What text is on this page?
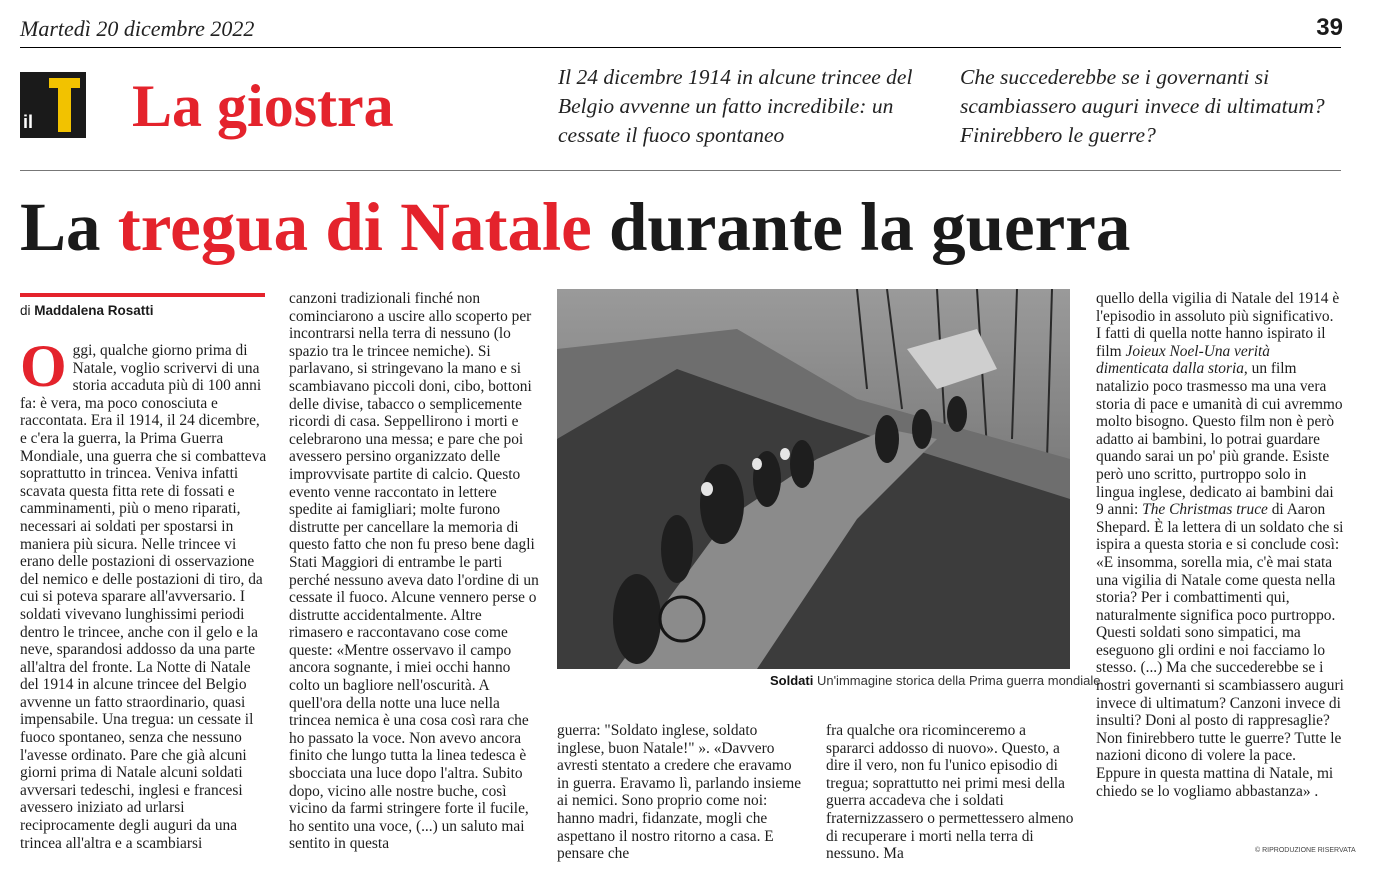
Martedì 20 dicembre 2022	39
il La giostra	Il 24 dicembre 1914 in alcune trincee del Belgio avvenne un fatto incredibile: un cessate il fuoco spontaneo
Che succederebbe se i governanti si scambiassero auguri invece di ultimatum? Finirebbero le guerre?
La tregua di Natale durante la guerra
di Maddalena Rosatti
O ggi, qualche giorno prima di Natale, voglio scrivervi di una storia accaduta più di 100 anni fa: è vera, ma poco conosciuta e raccontata. Era il 1914, il 24 dicembre, e c'era la guerra, la Prima Guerra Mondiale, una guerra che si combatteva soprattutto in trincea. Veniva infatti scavata questa fitta rete di fossati e camminamenti, più o meno riparati, necessari ai soldati per spostarsi in maniera più sicura. Nelle trincee vi erano delle postazioni di osservazione del nemico e delle postazioni di tiro, da cui si poteva sparare all'avversario. I soldati vivevano lunghissimi periodi dentro le trincee, anche con il gelo e la neve, sparandosi addosso da una parte all'altra del fronte. La Notte di Natale del 1914 in alcune trincee del Belgio avvenne un fatto straordinario, quasi impensabile. Una tregua: un cessate il fuoco spontaneo, senza che nessuno l'avesse ordinato. Pare che già alcuni giorni prima di Natale alcuni soldati avversari tedeschi, inglesi e francesi avessero iniziato ad urlarsi reciprocamente degli auguri da una trincea all'altra e a scambiarsi

canzoni tradizionali finché non cominciarono a uscire allo scoperto per incontrarsi nella terra di nessuno (lo spazio tra le trincee nemiche). Si parlavano, si stringevano la mano e si scambiavano piccoli doni, cibo, bottoni delle divise, tabacco o semplicemente ricordi di casa. Seppellirono i morti e celebrarono una messa; e pare che poi avessero persino organizzato delle improvvisate partite di calcio. Questo evento venne raccontato in lettere spedite ai famigliari; molte furono distrutte per cancellare la memoria di questo fatto che non fu preso bene dagli Stati Maggiori di entrambe le parti perché nessuno aveva dato l'ordine di un cessate il fuoco. Alcune vennero perse o distrutte accidentalmente. Altre rimasero e raccontavano cose come queste: «Mentre osservavo il campo ancora sognante, i miei occhi hanno colto un bagliore nell'oscurità. A quell'ora della notte una luce nella trincea nemica è una cosa così rara che ho passato la voce. Non avevo ancora finito che lungo tutta la linea tedesca è sbocciata una luce dopo l'altra. Subito dopo, vicino alle nostre buche, così vicino da farmi stringere forte il fucile, ho sentito una voce, (...) un saluto mai sentito in questa

Soldati Un'immagine storica della Prima guerra mondiale

guerra: "Soldato inglese, soldato inglese, buon Natale!" ». «Davvero avresti stentato a credere che eravamo in guerra. Eravamo lì, parlando insieme ai nemici. Sono proprio come noi: hanno madri, fidanzate, mogli che aspettano il nostro ritorno a casa. E pensare che

fra qualche ora ricominceremo a spararci addosso di nuovo». Questo, a dire il vero, non fu l'unico episodio di tregua; soprattutto nei primi mesi della guerra accadeva che i soldati fraternizzassero o permettessero almeno di recuperare i morti nella terra di nessuno. Ma

quello della vigilia di Natale del 1914 è l'episodio in assoluto più significativo.

I fatti di quella notte hanno ispirato il film Joieux Noel-Una verità dimenticata dalla storia, un film natalizio poco trasmesso ma una vera storia di pace e umanità di cui avremmo molto bisogno. Questo film non è però adatto ai bambini, lo potrai guardare quando sarai un po' più grande. Esiste però uno scritto, purtroppo solo in lingua inglese, dedicato ai bambini dai 9 anni: The Christmas truce di Aaron Shepard. È la lettera di un soldato che si ispira a questa storia e si conclude così: «E insomma, sorella mia, c'è mai stata una vigilia di Natale come questa nella storia? Per i combattimenti qui, naturalmente significa poco purtroppo. Questi soldati sono simpatici, ma eseguono gli ordini e noi facciamo lo stesso. (...) Ma che succederebbe se i nostri governanti si scambiassero auguri invece di ultimatum? Canzoni invece di insulti? Doni al posto di rappresaglie? Non finirebbero tutte le guerre? Tutte le nazioni dicono di volere la pace. Eppure in questa mattina di Natale, mi chiedo se lo vogliamo abbastanza» .

© RIPRODUZIONE RISERVATA
